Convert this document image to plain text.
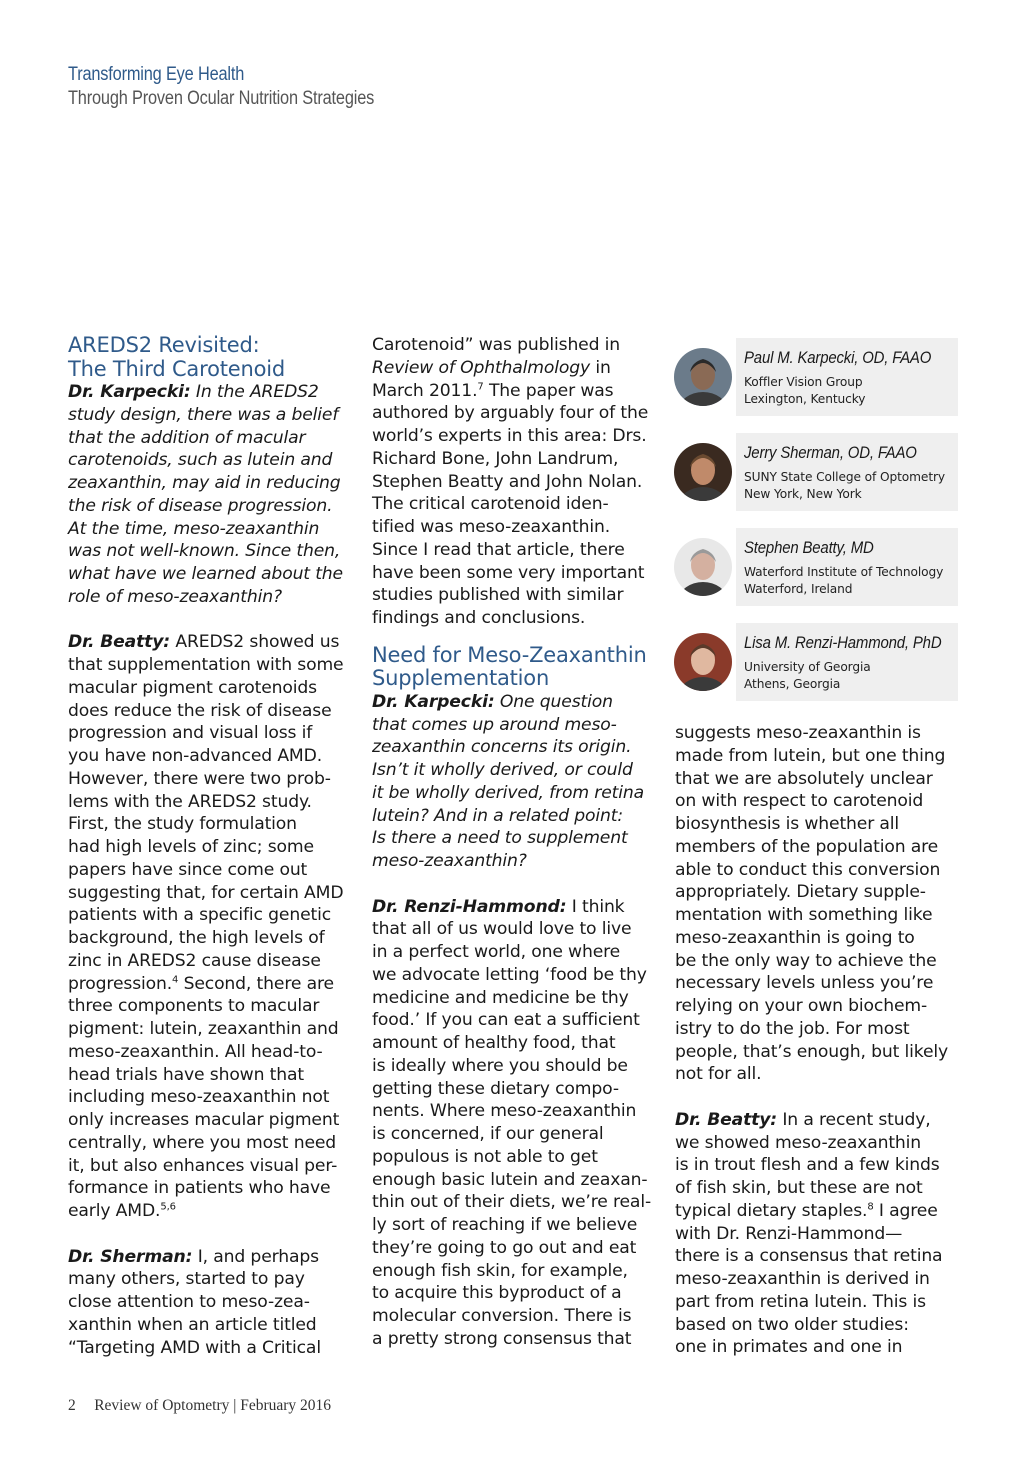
Transforming Eye Health
Through Proven Ocular Nutrition Strategies
AREDS2 Revisited:
The Third Carotenoid
Dr. Karpecki: In the AREDS2
study design, there was a belief
that the addition of macular
carotenoids, such as lutein and
zeaxanthin, may aid in reducing
the risk of disease progression.
At the time, meso-zeaxanthin
was not well-known. Since then,
what have we learned about the
role of meso-zeaxanthin?
Dr. Beatty: AREDS2 showed us
that supplementation with some
macular pigment carotenoids
does reduce the risk of disease
progression and visual loss if
you have non-advanced AMD.
However, there were two prob-
lems with the AREDS2 study.
First, the study formulation
had high levels of zinc; some
papers have since come out
suggesting that, for certain AMD
patients with a specific genetic
background, the high levels of
zinc in AREDS2 cause disease
progression.$^4$ Second, there are
three components to macular
pigment: lutein, zeaxanthin and
meso-zeaxanthin. All head-to-
head trials have shown that
including meso-zeaxanthin not
only increases macular pigment
centrally, where you most need
it, but also enhances visual per-
formance in patients who have
early AMD.$^{5,6}$
Dr. Sherman: I, and perhaps
many others, started to pay
close attention to meso-zea-
xanthin when an article titled
“Targeting AMD with a Critical
Carotenoid” was published in
Review of Ophthalmology in
March 2011.$^7$ The paper was
authored by arguably four of the
world’s experts in this area: Drs.
Richard Bone, John Landrum,
Stephen Beatty and John Nolan.
The critical carotenoid iden-
tified was meso-zeaxanthin.
Since I read that article, there
have been some very important
studies published with similar
findings and conclusions.
Need for Meso-Zeaxanthin
Supplementation
Dr. Karpecki: One question
that comes up around meso-
zeaxanthin concerns its origin.
Isn’t it wholly derived, or could
it be wholly derived, from retina
lutein? And in a related point:
Is there a need to supplement
meso-zeaxanthin?
Dr. Renzi-Hammond: I think
that all of us would love to live
in a perfect world, one where
we advocate letting ‘food be thy
medicine and medicine be thy
food.’ If you can eat a sufficient
amount of healthy food, that
is ideally where you should be
getting these dietary compo-
nents. Where meso-zeaxanthin
is concerned, if our general
populous is not able to get
enough basic lutein and zeaxan-
thin out of their diets, we’re real-
ly sort of reaching if we believe
they’re going to go out and eat
enough fish skin, for example,
to acquire this byproduct of a
molecular conversion. There is
a pretty strong consensus that
Paul M. Karpecki, OD, FAAO
Koffler Vision Group
Lexington, Kentucky
Jerry Sherman, OD, FAAO
SUNY State College of Optometry
New York, New York
Stephen Beatty, MD
Waterford Institute of Technology
Waterford, Ireland
Lisa M. Renzi-Hammond, PhD
University of Georgia
Athens, Georgia
suggests meso-zeaxanthin is
made from lutein, but one thing
that we are absolutely unclear
on with respect to carotenoid
biosynthesis is whether all
members of the population are
able to conduct this conversion
appropriately. Dietary supple-
mentation with something like
meso-zeaxanthin is going to
be the only way to achieve the
necessary levels unless you’re
relying on your own biochem-
istry to do the job. For most
people, that’s enough, but likely
not for all.
Dr. Beatty: In a recent study,
we showed meso-zeaxanthin
is in trout flesh and a few kinds
of fish skin, but these are not
typical dietary staples.$^8$ I agree
with Dr. Renzi-Hammond—
there is a consensus that retina
meso-zeaxanthin is derived in
part from retina lutein. This is
based on two older studies:
one in primates and one in
2 Review of Optometry | February 2016
